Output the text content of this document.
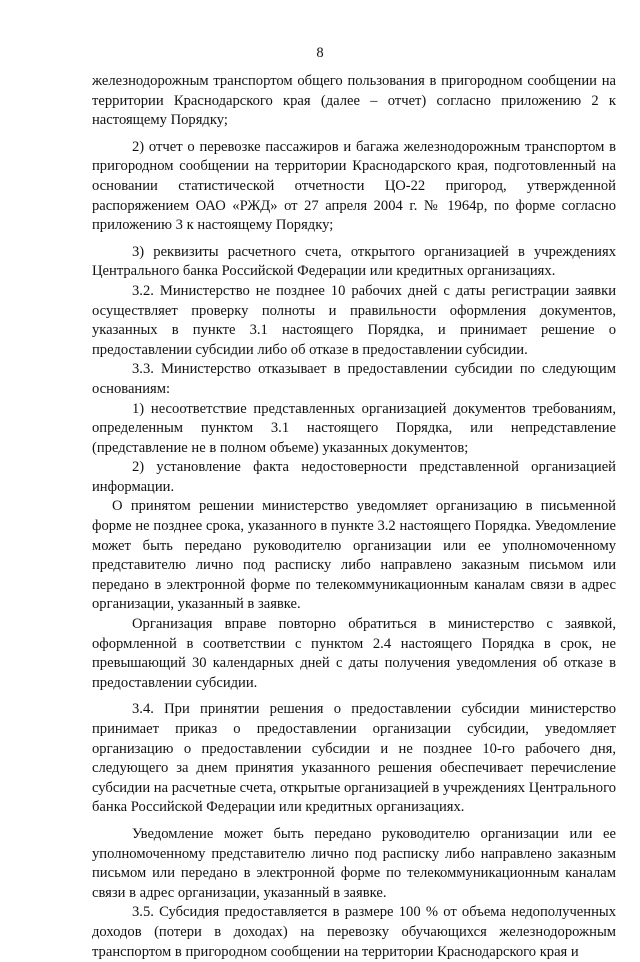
8

железнодорожным транспортом общего пользования в пригородном сообщении на территории Краснодарского края (далее – отчет) согласно приложению 2 к настоящему Порядку;

2) отчет о перевозке пассажиров и багажа железнодорожным транспортом в пригородном сообщении на территории Краснодарского края, подготовленный на основании статистической отчетности ЦО-22 пригород, утвержденной распоряжением ОАО «РЖД» от 27 апреля 2004 г. № 1964р, по форме согласно приложению 3 к настоящему Порядку;

3) реквизиты расчетного счета, открытого организацией в учреждениях Центрального банка Российской Федерации или кредитных организациях.

3.2. Министерство не позднее 10 рабочих дней с даты регистрации заявки осуществляет проверку полноты и правильности оформления документов, указанных в пункте 3.1 настоящего Порядка, и принимает решение о предоставлении субсидии либо об отказе в предоставлении субсидии.

3.3. Министерство отказывает в предоставлении субсидии по следующим основаниям:

1) несоответствие представленных организацией документов требованиям, определенным пунктом 3.1 настоящего Порядка, или непредставление (представление не в полном объеме) указанных документов;

2) установление факта недостоверности представленной организацией информации.

О принятом решении министерство уведомляет организацию в письменной форме не позднее срока, указанного в пункте 3.2 настоящего Порядка. Уведомление может быть передано руководителю организации или ее уполномоченному представителю лично под расписку либо направлено заказным письмом или передано в электронной форме по телекоммуникационным каналам связи в адрес организации, указанный в заявке.

Организация вправе повторно обратиться в министерство с заявкой, оформленной в соответствии с пунктом 2.4 настоящего Порядка в срок, не превышающий 30 календарных дней с даты получения уведомления об отказе в предоставлении субсидии.

3.4. При принятии решения о предоставлении субсидии министерство принимает приказ о предоставлении организации субсидии, уведомляет организацию о предоставлении субсидии и не позднее 10-го рабочего дня, следующего за днем принятия указанного решения обеспечивает перечисление субсидии на расчетные счета, открытые организацией в учреждениях Центрального банка Российской Федерации или кредитных организациях.

Уведомление может быть передано руководителю организации или ее уполномоченному представителю лично под расписку либо направлено заказным письмом или передано в электронной форме по телекоммуникационным каналам связи в адрес организации, указанный в заявке.

3.5. Субсидия предоставляется в размере 100 % от объема недополученных доходов (потери в доходах) на перевозку обучающихся железнодорожным транспортом в пригородном сообщении на территории Краснодарского края и
